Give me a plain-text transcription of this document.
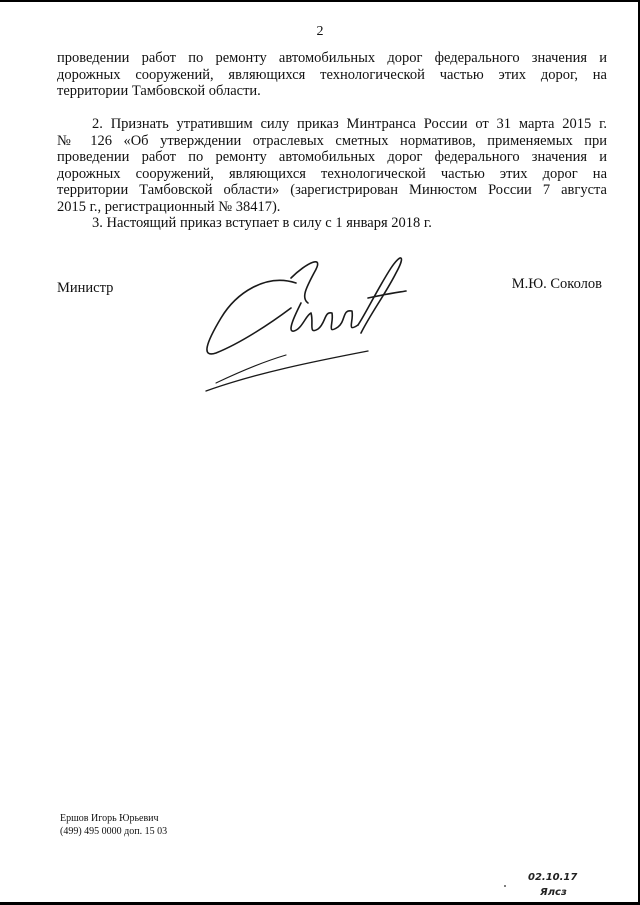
2
проведении работ по ремонту автомобильных дорог федерального значения и
дорожных сооружений, являющихся технологической частью этих дорог, на
территории Тамбовской области.
2. Признать утратившим силу приказ Минтранса России от 31 марта 2015 г.
№ 126 «Об утверждении отраслевых сметных нормативов, применяемых при
проведении работ по ремонту автомобильных дорог федерального значения и
дорожных сооружений, являющихся технологической частью этих дорог на
территории Тамбовской области» (зарегистрирован Минюстом России 7 августа
2015 г., регистрационный № 38417).
3. Настоящий приказ вступает в силу с 1 января 2018 г.
Министр	М.Ю. Соколов
Ершов Игорь Юрьевич
(499) 495 0000 доп. 15 03
02.10.17
Ялсз
